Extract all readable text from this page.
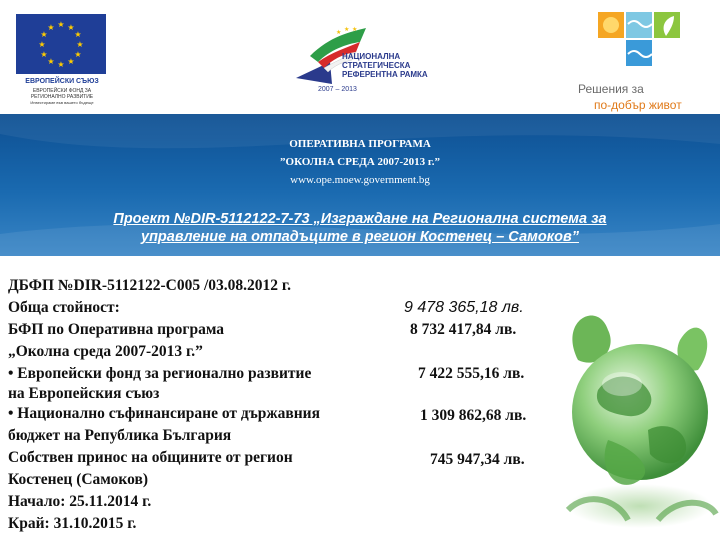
★ ★
★
★
★
★
★
★
★
★
★
★
ЕВРОПЕЙСКИ СЪЮЗ
ЕВРОПЕЙСКИ ФОНД ЗА
РЕГИОНАЛНО РАЗВИТИЕ
Инвестираме във вашето бъдеще
★ ★ ★
НАЦИОНАЛНА
СТРАТЕГИЧЕСКА
РЕФЕРЕНТНА РАМКА
2007 – 2013	Решения за
по-добър живот
ОПЕРАТИВНА ПРОГРАМА
”ОКОЛНА СРЕДА 2007-2013 г.”
www.ope.moew.government.bg
Проект №DIR-5112122-7-73 „Изграждане на Регионална система за
управление на отпадъците в регион Костенец – Самоков”
ДБФП №DIR-5112122-C005 /03.08.2012 г.
Обща стойност:
БФП по Оперативна програма
„Околна среда 2007-2013 г.”
• Европейски фонд за регионално развитие
на Европейския съюз
• Национално съфинансиране от държавния
бюджет на Република България
Собствен принос на общините от регион
Костенец (Самоков)
Начало: 25.11.2014 г.
Край: 31.10.2015 г.
9 478 365,18 лв.
8 732 417,84 лв.
7 422 555,16 лв.
1 309 862,68 лв.
745 947,34 лв.
